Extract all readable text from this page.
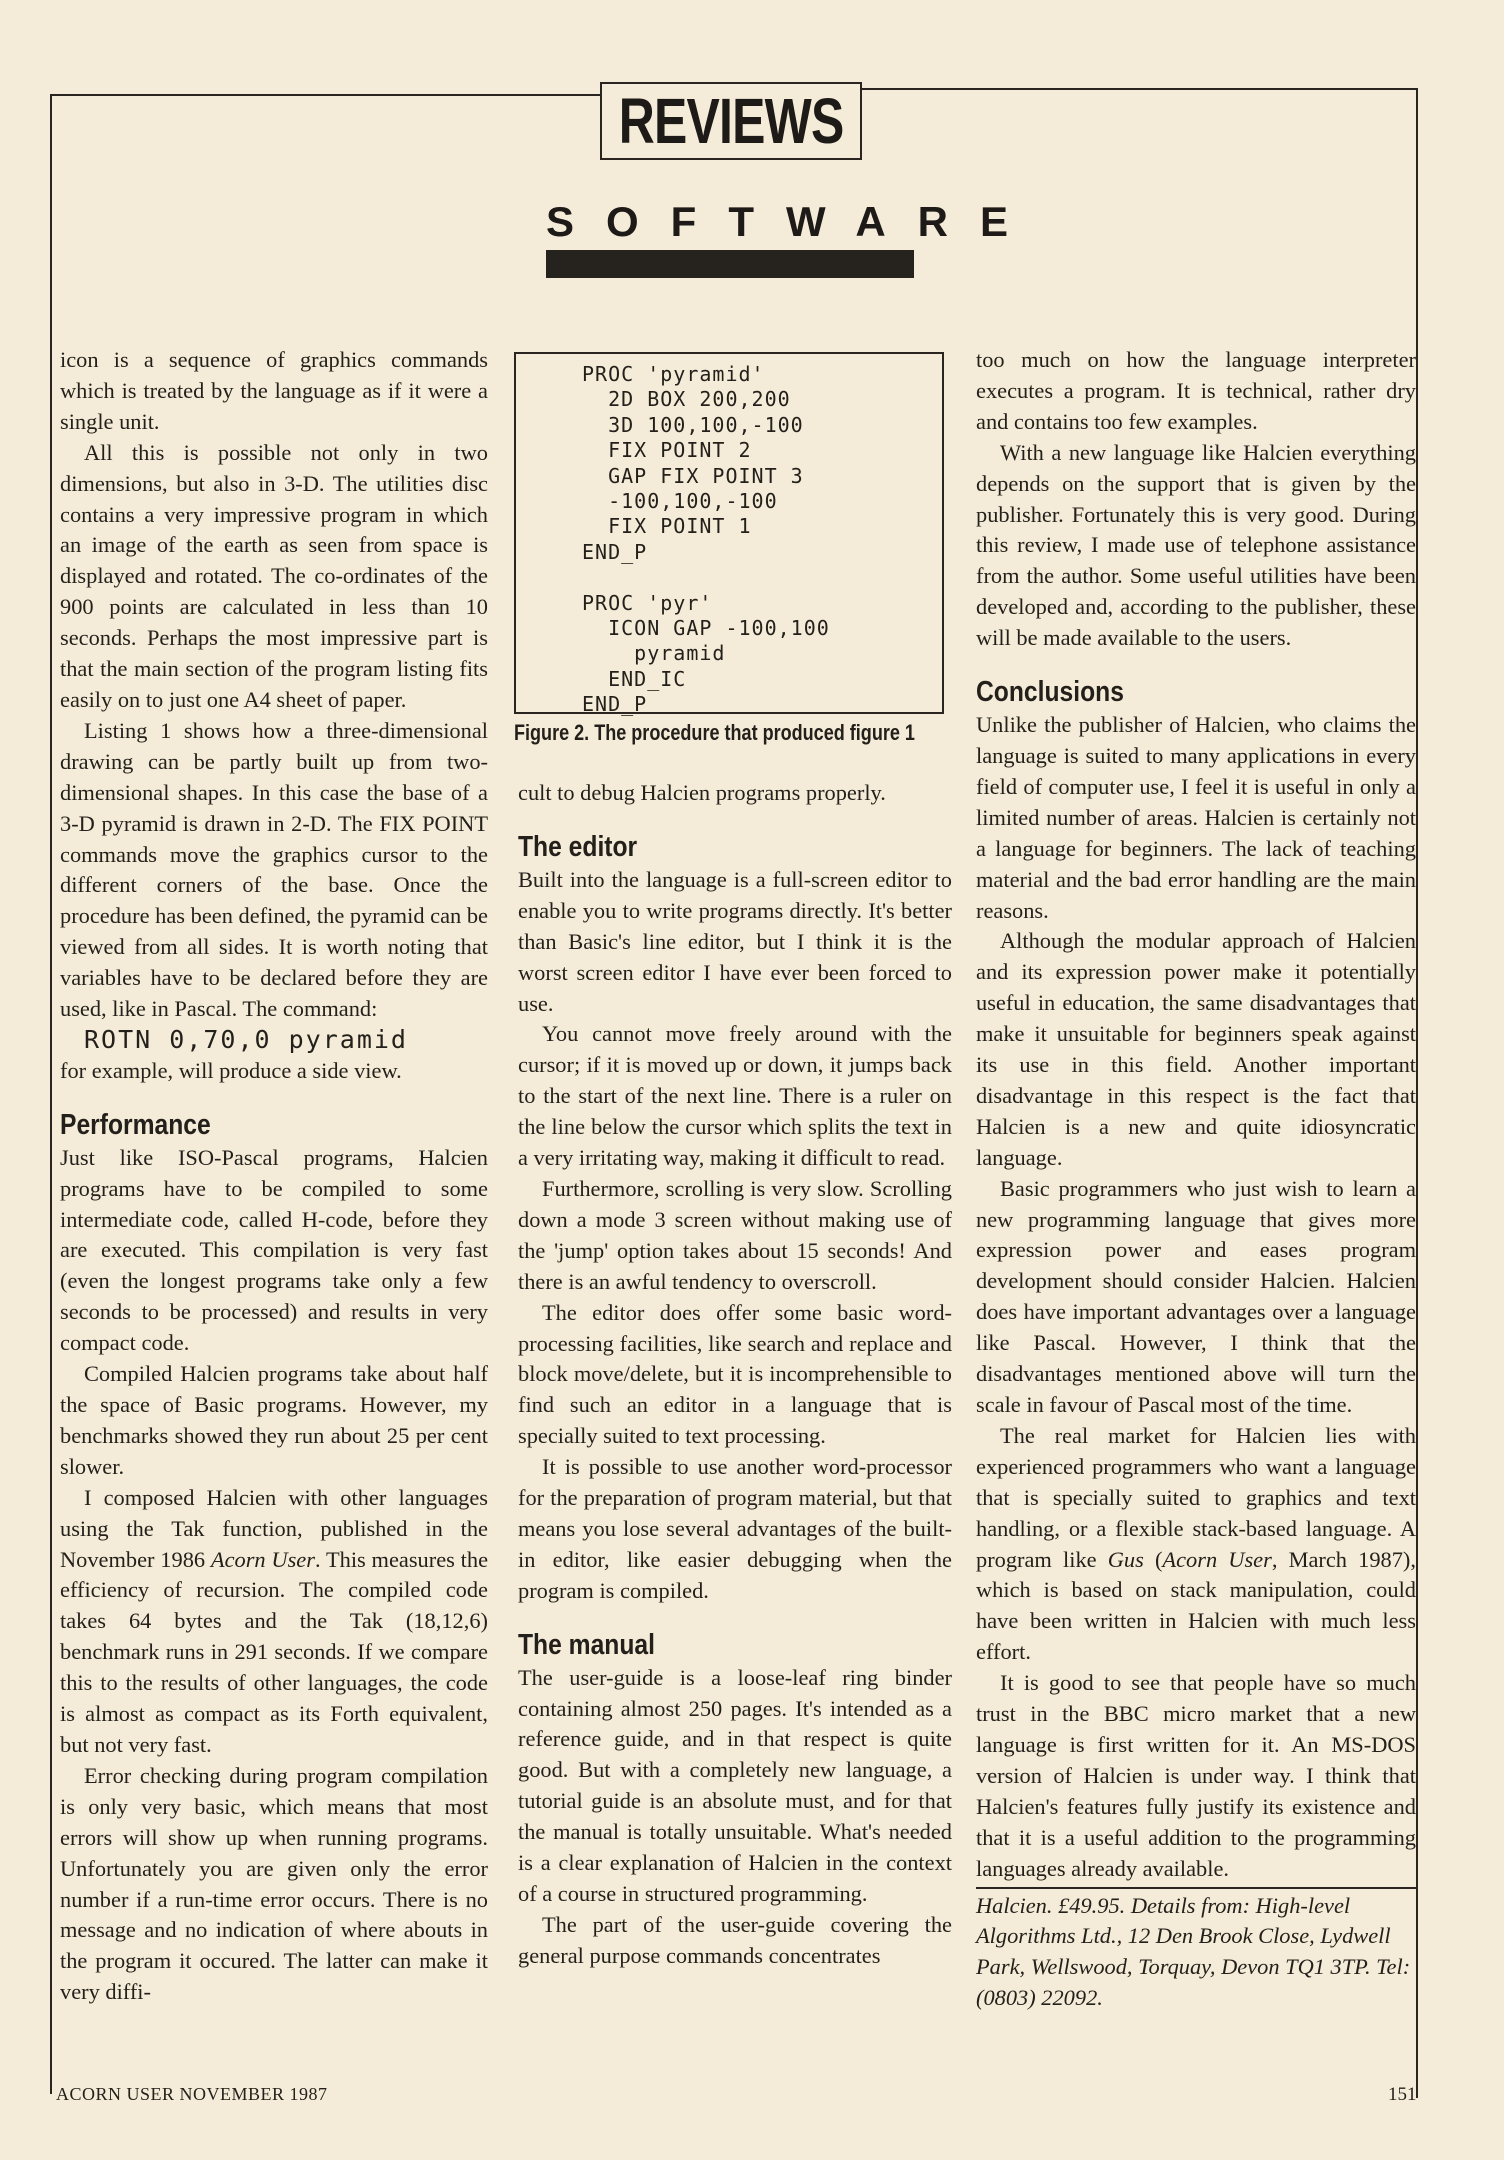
REVIEWS
SOFTWARE

icon is a sequence of graphics commands which is treated by the language as if it were a single unit.

All this is possible not only in two dimensions, but also in 3-D. The utilities disc contains a very impressive program in which an image of the earth as seen from space is displayed and rotated. The co-ordinates of the 900 points are calculated in less than 10 seconds. Perhaps the most impressive part is that the main section of the program listing fits easily on to just one A4 sheet of paper.

Listing 1 shows how a three-dimensional drawing can be partly built up from two-dimensional shapes. In this case the base of a 3-D pyramid is drawn in 2-D. The FIX POINT commands move the graphics cursor to the different corners of the base. Once the procedure has been defined, the pyramid can be viewed from all sides. It is worth noting that variables have to be declared before they are used, like in Pascal. The command:

ROTN 0,70,0 pyramid

for example, will produce a side view.

Performance

Just like ISO-Pascal programs, Halcien programs have to be compiled to some intermediate code, called H-code, before they are executed. This compilation is very fast (even the longest programs take only a few seconds to be processed) and results in very compact code.

Compiled Halcien programs take about half the space of Basic programs. However, my benchmarks showed they run about 25 per cent slower.

I composed Halcien with other languages using the Tak function, published in the November 1986 Acorn User. This measures the efficiency of recursion. The compiled code takes 64 bytes and the Tak (18,12,6) benchmark runs in 291 seconds. If we compare this to the results of other languages, the code is almost as compact as its Forth equivalent, but not very fast.

Error checking during program compilation is only very basic, which means that most errors will show up when running programs. Unfortunately you are given only the error number if a run-time error occurs. There is no message and no indication of where abouts in the program it occured. The latter can make it very diffi-

PROC 'pyramid'
2D BOX 200,200
3D 100,100,-100
FIX POINT 2
GAP FIX POINT 3
-100,100,-100
FIX POINT 1
END_P

PROC 'pyr'
ICON GAP -100,100
pyramid
END_IC
END_P
Figure 2. The procedure that produced figure 1

cult to debug Halcien programs properly.

The editor

Built into the language is a full-screen editor to enable you to write programs directly. It's better than Basic's line editor, but I think it is the worst screen editor I have ever been forced to use.

You cannot move freely around with the cursor; if it is moved up or down, it jumps back to the start of the next line. There is a ruler on the line below the cursor which splits the text in a very irritating way, making it difficult to read.

Furthermore, scrolling is very slow. Scrolling down a mode 3 screen without making use of the 'jump' option takes about 15 seconds! And there is an awful tendency to overscroll.

The editor does offer some basic word-processing facilities, like search and replace and block move/delete, but it is incomprehensible to find such an editor in a language that is specially suited to text processing.

It is possible to use another word-processor for the preparation of program material, but that means you lose several advantages of the built-in editor, like easier debugging when the program is compiled.

The manual

The user-guide is a loose-leaf ring binder containing almost 250 pages. It's intended as a reference guide, and in that respect is quite good. But with a completely new language, a tutorial guide is an absolute must, and for that the manual is totally unsuitable. What's needed is a clear explanation of Halcien in the context of a course in structured programming.

The part of the user-guide covering the general purpose commands concentrates

too much on how the language interpreter executes a program. It is technical, rather dry and contains too few examples.

With a new language like Halcien everything depends on the support that is given by the publisher. Fortunately this is very good. During this review, I made use of telephone assistance from the author. Some useful utilities have been developed and, according to the publisher, these will be made available to the users.

Conclusions

Unlike the publisher of Halcien, who claims the language is suited to many applications in every field of computer use, I feel it is useful in only a limited number of areas. Halcien is certainly not a language for beginners. The lack of teaching material and the bad error handling are the main reasons.

Although the modular approach of Halcien and its expression power make it potentially useful in education, the same disadvantages that make it unsuitable for beginners speak against its use in this field. Another important disadvantage in this respect is the fact that Halcien is a new and quite idiosyncratic language.

Basic programmers who just wish to learn a new programming language that gives more expression power and eases program development should consider Halcien. Halcien does have important advantages over a language like Pascal. However, I think that the disadvantages mentioned above will turn the scale in favour of Pascal most of the time.

The real market for Halcien lies with experienced programmers who want a language that is specially suited to graphics and text handling, or a flexible stack-based language. A program like Gus (Acorn User, March 1987), which is based on stack manipulation, could have been written in Halcien with much less effort.

It is good to see that people have so much trust in the BBC micro market that a new language is first written for it. An MS-DOS version of Halcien is under way. I think that Halcien's features fully justify its existence and that it is a useful addition to the programming languages already available.

Halcien. £49.95. Details from: High-level Algorithms Ltd., 12 Den Brook Close, Lydwell Park, Wellswood, Torquay, Devon TQ1 3TP. Tel: (0803) 22092.

ACORN USER NOVEMBER 1987	151
